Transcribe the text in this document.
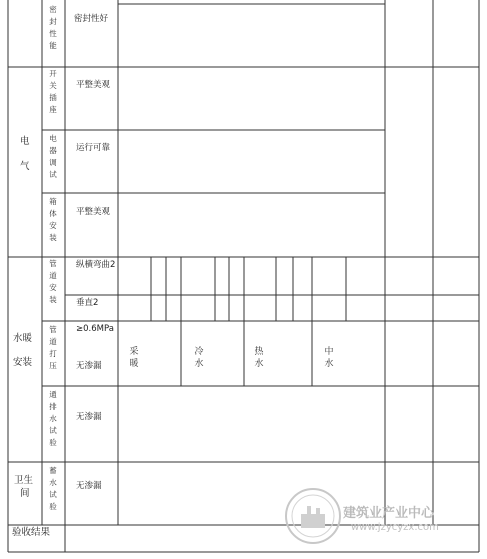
密封性能
密封性好
电
气
开关插座
平整美观
电器调试
运行可靠
箱体安装
平整美观
水暖
安装
管道安装
纵横弯曲2
垂直2
管道打压
≥0.6MPa
无渗漏
采暖
冷水
热水
中水
通排水试验
无渗漏
卫生
间
蓄水试验
无渗漏
验收结果
建筑业产业中心
www.jzycyzx.com
